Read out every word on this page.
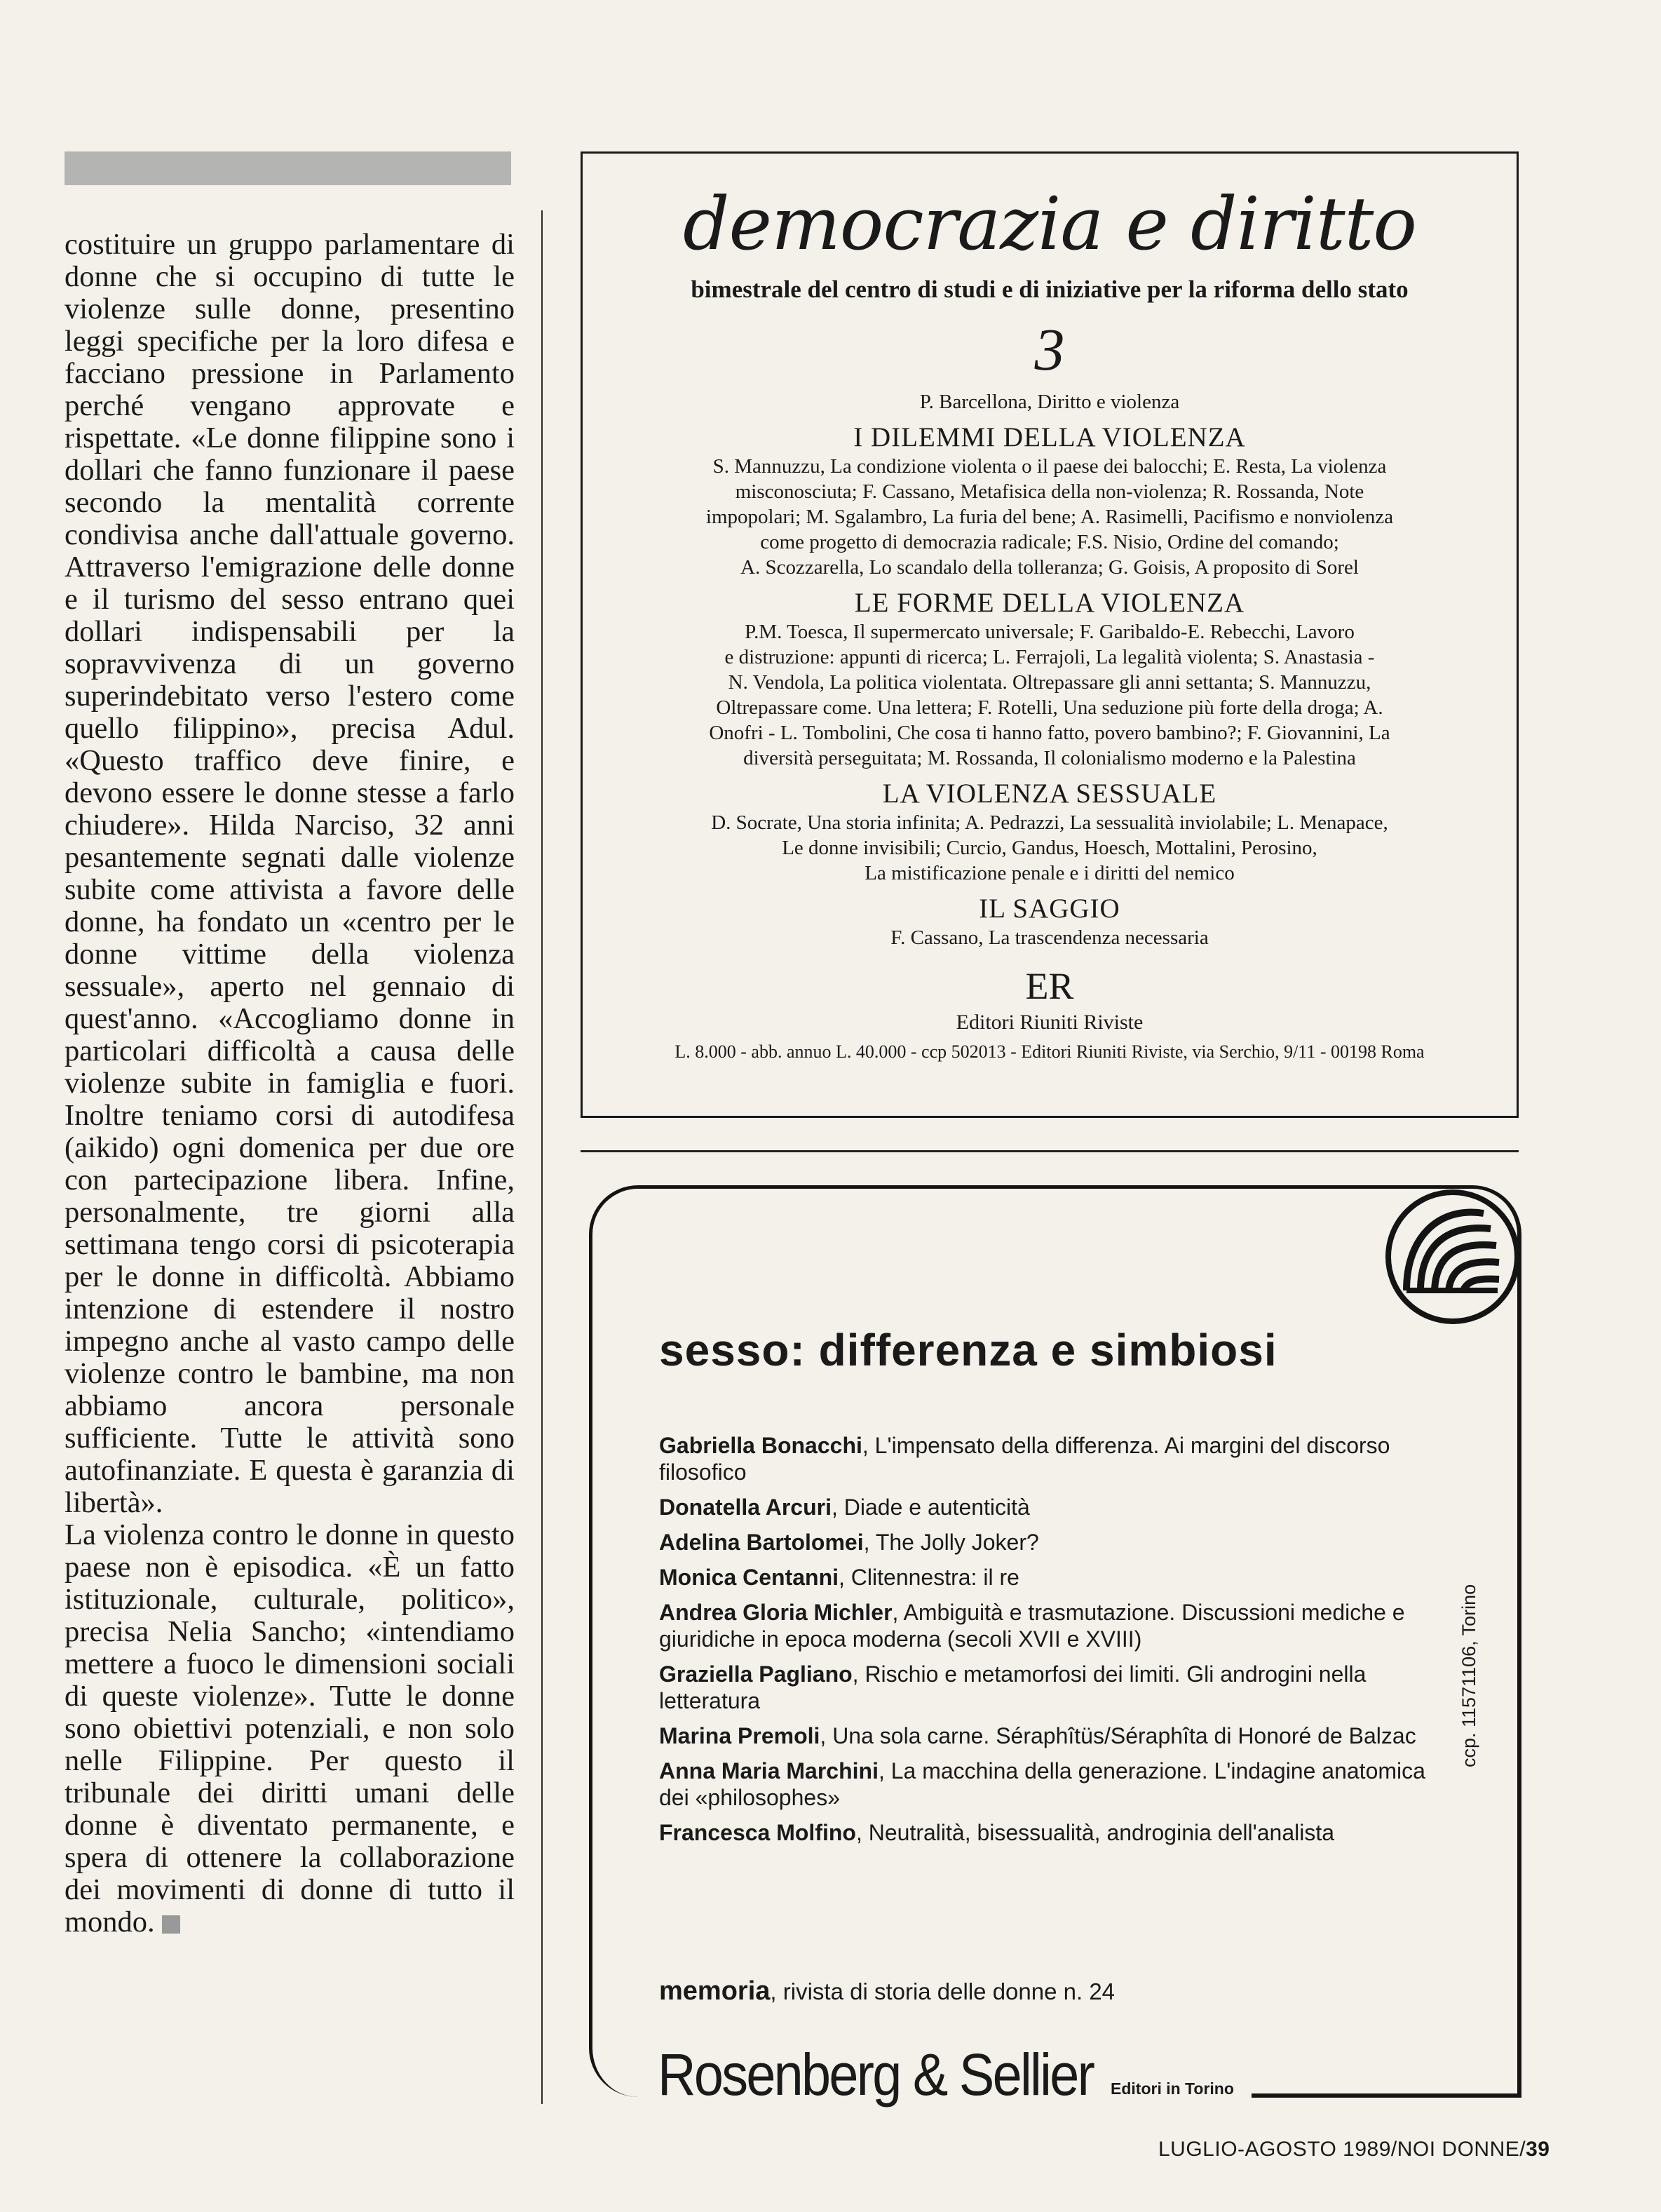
costituire un gruppo parlamentare di donne che si occupino di tutte le violenze sulle donne, presentino leggi specifiche per la loro difesa e facciano pressione in Parlamento perché vengano approvate e rispettate. «Le donne filippine sono i dollari che fanno funzionare il paese secondo la mentalità corrente condivisa anche dall'attuale governo. Attraverso l'emigrazione delle donne e il turismo del sesso entrano quei dollari indispensabili per la sopravvivenza di un governo superindebitato verso l'estero come quello filippino», precisa Adul. «Questo traffico deve finire, e devono essere le donne stesse a farlo chiudere». Hilda Narciso, 32 anni pesantemente segnati dalle violenze subite come attivista a favore delle donne, ha fondato un «centro per le donne vittime della violenza sessuale», aperto nel gennaio di quest'anno. «Accogliamo donne in particolari difficoltà a causa delle violenze subite in famiglia e fuori. Inoltre teniamo corsi di autodifesa (aikido) ogni domenica per due ore con partecipazione libera. Infine, personalmente, tre giorni alla settimana tengo corsi di psicoterapia per le donne in difficoltà. Abbiamo intenzione di estendere il nostro impegno anche al vasto campo delle violenze contro le bambine, ma non abbiamo ancora personale sufficiente. Tutte le attività sono autofinanziate. E questa è garanzia di libertà».

La violenza contro le donne in questo paese non è episodica. «È un fatto istituzionale, culturale, politico», precisa Nelia Sancho; «intendiamo mettere a fuoco le dimensioni sociali di queste violenze». Tutte le donne sono obiettivi potenziali, e non solo nelle Filippine. Per questo il tribunale dei diritti umani delle donne è diventato permanente, e spera di ottenere la collaborazione dei movimenti di donne di tutto il mondo.

democrazia e diritto
bimestrale del centro di studi e di iniziative per la riforma dello stato
3
P. Barcellona, Diritto e violenza
I DILEMMI DELLA VIOLENZA
S. Mannuzzu, La condizione violenta o il paese dei balocchi; E. Resta, La violenza
misconosciuta; F. Cassano, Metafisica della non-violenza; R. Rossanda, Note
impopolari; M. Sgalambro, La furia del bene; A. Rasimelli, Pacifismo e nonviolenza
come progetto di democrazia radicale; F.S. Nisio, Ordine del comando;
A. Scozzarella, Lo scandalo della tolleranza; G. Goisis, A proposito di Sorel
LE FORME DELLA VIOLENZA
P.M. Toesca, Il supermercato universale; F. Garibaldo-E. Rebecchi, Lavoro
e distruzione: appunti di ricerca; L. Ferrajoli, La legalità violenta; S. Anastasia -
N. Vendola, La politica violentata. Oltrepassare gli anni settanta; S. Mannuzzu,
Oltrepassare come. Una lettera; F. Rotelli, Una seduzione più forte della droga; A.
Onofri - L. Tombolini, Che cosa ti hanno fatto, povero bambino?; F. Giovannini, La
diversità perseguitata; M. Rossanda, Il colonialismo moderno e la Palestina
LA VIOLENZA SESSUALE
D. Socrate, Una storia infinita; A. Pedrazzi, La sessualità inviolabile; L. Menapace,
Le donne invisibili; Curcio, Gandus, Hoesch, Mottalini, Perosino,
La mistificazione penale e i diritti del nemico
IL SAGGIO
F. Cassano, La trascendenza necessaria
ER
Editori Riuniti Riviste
L. 8.000 - abb. annuo L. 40.000 - ccp 502013 - Editori Riuniti Riviste, via Serchio, 9/11 - 00198 Roma
sesso: differenza e simbiosi
Gabriella Bonacchi, L'impensato della differenza. Ai margini del discorso filosofico
Donatella Arcuri, Diade e autenticità
Adelina Bartolomei, The Jolly Joker?
Monica Centanni, Clitennestra: il re
Andrea Gloria Michler, Ambiguità e trasmutazione. Discussioni mediche e giuridiche in epoca moderna (secoli XVII e XVIII)
Graziella Pagliano, Rischio e metamorfosi dei limiti. Gli androgini nella letteratura
Marina Premoli, Una sola carne. Séraphîtüs/Séraphîta di Honoré de Balzac
Anna Maria Marchini, La macchina della generazione. L'indagine anatomica dei «philosophes»
Francesca Molfino, Neutralità, bisessualità, androginia dell'analista
ccp. 11571106, Torino
memoria, rivista di storia delle donne n. 24
Rosenberg & Sellier Editori in Torino
LUGLIO-AGOSTO 1989/NOI DONNE/39
